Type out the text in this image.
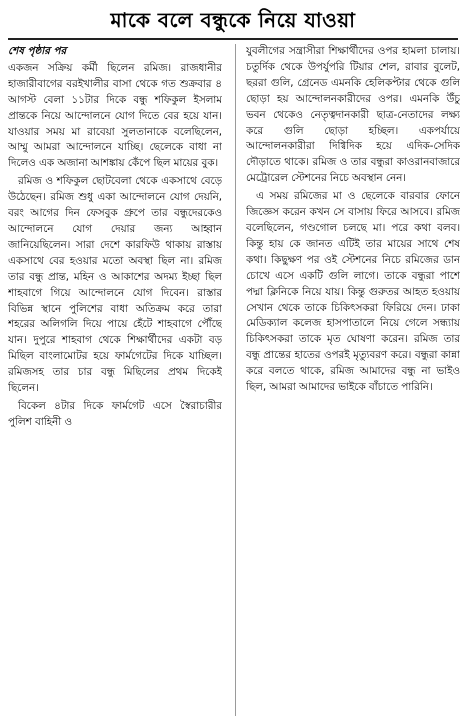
মাকে বলে বন্ধুকে নিয়ে যাওয়া
শেষ পৃষ্ঠার পর

একজন সক্রিয় কর্মী ছিলেন রমিজ। রাজধানীর হাজারীবাগের বরইখালীর বাসা থেকে গত শুক্রবার ৪ আগস্ট বেলা ১১টার দিকে বন্ধু শফিকুল ইসলাম প্রান্তকে নিয়ে আন্দোলনে যোগ দিতে বের হয়ে যান। যাওয়ার সময় মা রাবেয়া সুলতানাকে বলেছিলেন, আম্মু আমরা আন্দোলনে যাচ্ছি। ছেলেকে বাধা না দিলেও এক অজানা আশঙ্কায় কেঁপে ছিল মায়ের বুক।

রমিজ ও শফিকুল ছোটবেলা থেকে একসাথে বেড়ে উঠেছেন। রমিজ শুধু একা আন্দোলনে যোগ দেয়নি, বরং আগের দিন ফেসবুক গ্রুপে তার বন্ধুদেরকেও আন্দোলনে যোগ দেয়ার জন্য আহ্বান জানিয়েছিলেন। সারা দেশে কারফিউ থাকায় রাস্তায় একসাথে বের হওয়ার মতো অবস্থা ছিল না। রমিজ তার বন্ধু প্রান্ত, মহিন ও আকাশের অদম্য ইচ্ছা ছিল শাহবাগে গিয়ে আন্দোলনে যোগ দিবেন। রাস্তার বিভিন্ন স্থানে পুলিশের বাধা অতিক্রম করে তারা শহরের অলিগলি দিয়ে পায়ে হেঁটে শাহবাগে পৌঁছে যান। দুপুরে শাহবাগ থেকে শিক্ষার্থীদের একটা বড় মিছিল বাংলামোটর হয়ে ফার্মগেটের দিকে যাচ্ছিল। রমিজসহ তার চার বন্ধু মিছিলের প্রথম দিকেই ছিলেন।

বিকেল ৪টার দিকে ফার্মগেট এসে স্বৈরাচারীর পুলিশ বাহিনী ও

যুবলীগের সন্ত্রাসীরা শিক্ষার্থীদের ওপর হামলা চালায়। চতুর্দিক থেকে উপর্যুপরি টিয়ার শেল, রাবার বুলেট, ছররা গুলি, গ্রেনেড এমনকি হেলিকপ্টার থেকে গুলি ছোড়া হয় আন্দোলনকারীদের ওপর। এমনকি উঁচু ভবন থেকেও নেতৃত্বদানকারী ছাত্র-নেতাদের লক্ষ্য করে গুলি ছোড়া হচ্ছিল। একপর্যায়ে আন্দোলনকারীরা দিগ্বিদিক হয়ে এদিক-সেদিক দৌড়াতে থাকে। রমিজ ও তার বন্ধুরা কাওরানবাজারে মেট্রোরেল স্টেশনের নিচে অবস্থান নেন।

এ সময় রমিজের মা ও ছেলেকে বারবার ফোনে জিজ্ঞেস করেন কখন সে বাসায় ফিরে আসবে। রমিজ বলেছিলেন, গণ্ডগোল চলছে মা। পরে কথা বলব। কিন্তু হায় কে জানত এটিই তার মায়ের সাথে শেষ কথা। কিছুক্ষণ পর ওই স্টেশনের নিচে রমিজের ডান চোখে এসে একটি গুলি লাগে। তাকে বন্ধুরা পাশে পদ্মা ক্লিনিকে নিয়ে যায়। কিন্তু গুরুতর আহত হওয়ায় সেখান থেকে তাকে চিকিৎসকরা ফিরিয়ে দেন। ঢাকা মেডিক্যাল কলেজ হাসপাতালে নিয়ে গেলে সন্ধ্যায় চিকিৎসকরা তাকে মৃত ঘোষণা করেন। রমিজ তার বন্ধু প্রান্তের হাতের ওপরই মৃত্যুবরণ করে। বন্ধুরা কান্না করে বলতে থাকে, রমিজ আমাদের বন্ধু না ভাইও ছিল, আমরা আমাদের ভাইকে বাঁচাতে পারিনি।
